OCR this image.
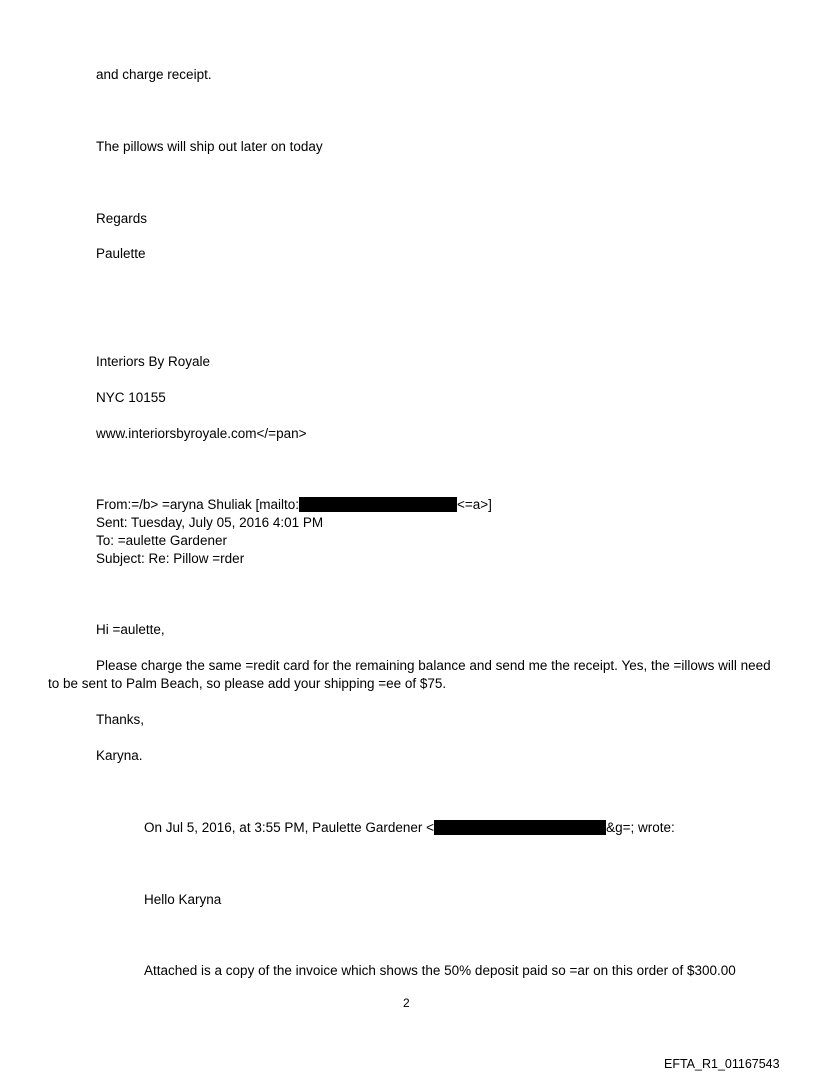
and charge receipt.
The pillows will ship out later on today
Regards
Paulette
Interiors By Royale
NYC 10155
www.interiorsbyroyale.com</=pan>
From:=/b> =aryna Shuliak [mailto:	<=a>]
Sent: Tuesday, July 05, 2016 4:01 PM
To: =aulette Gardener
Subject: Re: Pillow =rder
Hi =aulette,
Please charge the same =redit card for the remaining balance and send me the receipt. Yes, the =illows will need
to be sent to Palm Beach, so please add your shipping =ee of $75.
Thanks,
Karyna.
On Jul 5, 2016, at 3:55 PM, Paulette Gardener <	&g=; wrote:
Hello Karyna
Attached is a copy of the invoice which shows the 50% deposit paid so =ar on this order of $300.00
2
EFTA_R1_01167543
